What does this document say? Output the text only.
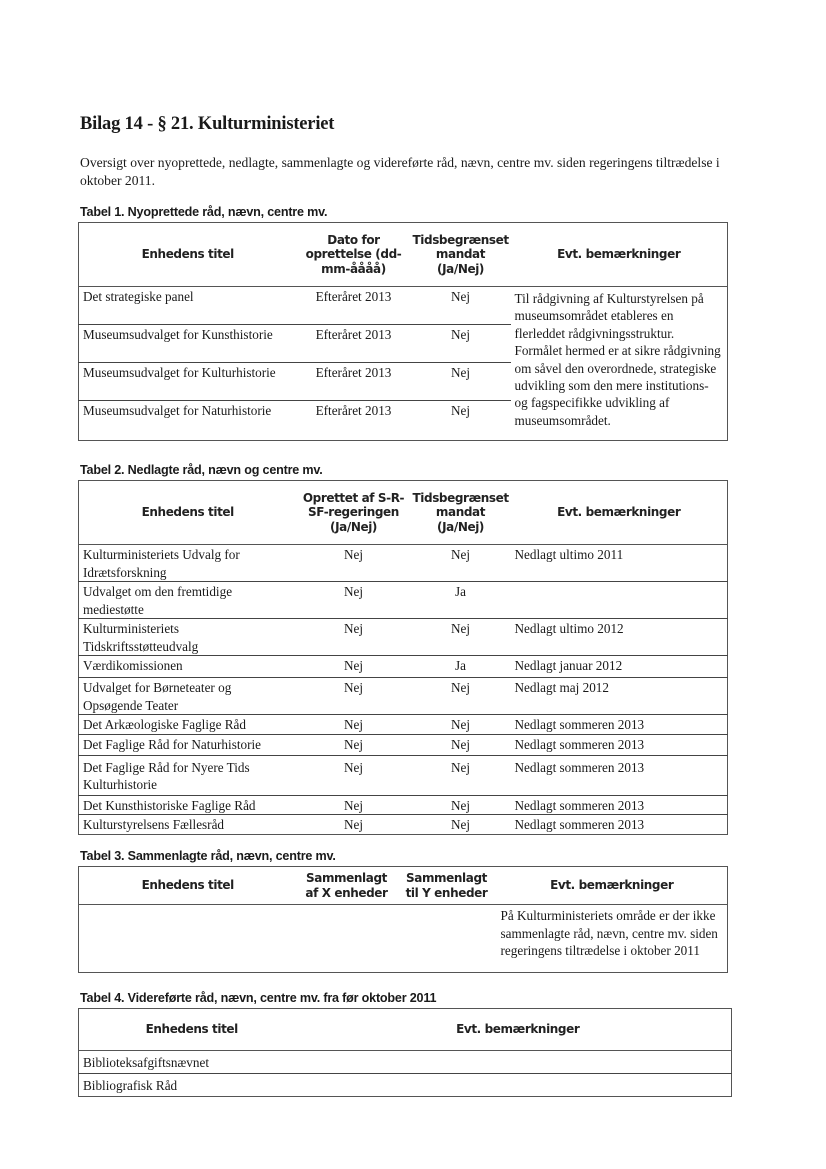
Bilag 14 - § 21. Kulturministeriet

Oversigt over nyoprettede, nedlagte, sammenlagte og videreførte råd, nævn, centre mv. siden regeringens tiltrædelse i oktober 2011.

Tabel 1. Nyoprettede råd, nævn, centre mv.

Enhedens titel	Dato for oprettelse (dd-mm-åååå)	Tidsbegrænset mandat (Ja/Nej)	Evt. bemærkninger
Det strategiske panel	Efteråret 2013	Nej	Til rådgivning af Kulturstyrelsen på museumsområdet etableres en flerleddet rådgivningsstruktur. Formålet hermed er at sikre rådgivning om såvel den overordnede, strategiske udvikling som den mere institutions- og fagspecifikke udvikling af museumsområdet.
Museumsudvalget for Kunsthistorie	Efteråret 2013	Nej	
Museumsudvalget for Kulturhistorie	Efteråret 2013	Nej	
Museumsudvalget for Naturhistorie	Efteråret 2013	Nej	

Tabel 2. Nedlagte råd, nævn og centre mv.

Enhedens titel	Oprettet af S-R-SF-regeringen (Ja/Nej)	Tidsbegrænset mandat (Ja/Nej)	Evt. bemærkninger
Kulturministeriets Udvalg for Idrætsforskning	Nej	Nej	Nedlagt ultimo 2011
Udvalget om den fremtidige mediestøtte	Nej	Ja	
Kulturministeriets Tidskriftsstøtteudvalg	Nej	Nej	Nedlagt ultimo 2012
Værdikomissionen	Nej	Ja	Nedlagt januar 2012
Udvalget for Børneteater og Opsøgende Teater	Nej	Nej	Nedlagt maj 2012
Det Arkæologiske Faglige Råd	Nej	Nej	Nedlagt sommeren 2013
Det Faglige Råd for Naturhistorie	Nej	Nej	Nedlagt sommeren 2013
Det Faglige Råd for Nyere Tids Kulturhistorie	Nej	Nej	Nedlagt sommeren 2013
Det Kunsthistoriske Faglige Råd	Nej	Nej	Nedlagt sommeren 2013
Kulturstyrelsens Fællesråd	Nej	Nej	Nedlagt sommeren 2013

Tabel 3. Sammenlagte råd, nævn, centre mv.

Enhedens titel	Sammenlagt af X enheder	Sammenlagt til Y enheder	Evt. bemærkninger
			På Kulturministeriets område er der ikke sammenlagte råd, nævn, centre mv. siden regeringens tiltrædelse i oktober 2011

Tabel 4. Videreførte råd, nævn, centre mv. fra før oktober 2011

Enhedens titel	Evt. bemærkninger
Biblioteksafgiftsnævnet	
Bibliografisk Råd	
